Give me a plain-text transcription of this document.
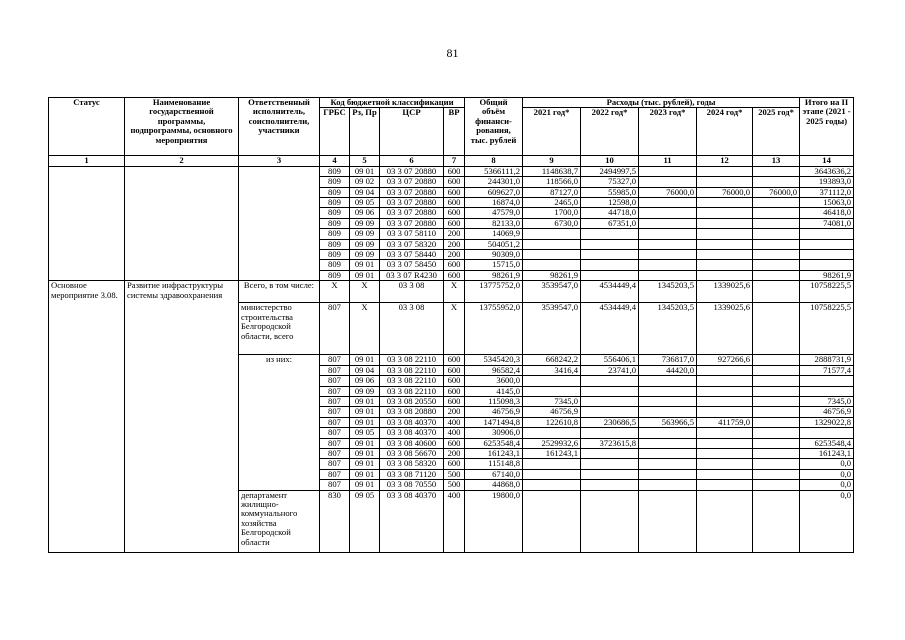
81
Статус	Наименование государственной программы, подпрограммы, основного мероприятия	Ответственный исполнитель, соисполнители, участники	Код бюджетной классификации				Общий объём финанси-рования, тыс. рублей	Расходы (тыс. рублей), годы					Итого на II этапе (2021 - 2025 годы)
			ГРБС	Рз, Пр	ЦСР	ВР		2021 год*	2022 год*	2023 год*	2024 год*	2025 год*	
1	2	3	4	5	6	7	8	9	10	11	12	13	14
			809	09 01	03 3 07 20880	600	5366111,2	1148638,7	2494997,5				3643636,2
			809	09 02	03 3 07 20880	600	244301,0	118566,0	75327,0				193893,0
			809	09 04	03 3 07 20880	600	609627,0	87127,0	55985,0	76000,0	76000,0	76000,0	371112,0
			809	09 05	03 3 07 20880	600	16874,0	2465,0	12598,0				15063,0
			809	09 06	03 3 07 20880	600	47579,0	1700,0	44718,0				46418,0
			809	09 09	03 3 07 20880	600	82133,0	6730,0	67351,0				74081,0
			809	09 09	03 3 07 58110	200	14069,9						
			809	09 09	03 3 07 58320	200	504051,2						
			809	09 09	03 3 07 58440	200	90309,0						
			809	09 01	03 3 07 58450	600	15715,0						
			809	09 01	03 3 07 R4230	600	98261,9	98261,9					98261,9
Основное мероприятие 3.08.	Развитие инфраструктуры системы здравоохранения	Всего, в том числе:	X	X	03 3 08	X	13775752,0	3539547,0	4534449,4	1345203,5	1339025,6		10758225,5
		министерство строительства Белгородской области, всего	807	X	03 3 08	X	13755952,0	3539547,0	4534449,4	1345203,5	1339025,6		10758225,5
		из них:	807	09 01	03 3 08 22110	600	5345420,3	668242,2	556406,1	736817,0	927266,6		2888731,9
			807	09 04	03 3 08 22110	600	96582,4	3416,4	23741,0	44420,0			71577,4
			807	09 06	03 3 08 22110	600	3600,0						
			807	09 09	03 3 08 22110	600	4145,0						
			807	09 01	03 3 08 20550	600	115098,3	7345,0					7345,0
			807	09 01	03 3 08 20880	200	46756,9	46756,9					46756,9
			807	09 01	03 3 08 40370	400	1471494,8	122610,8	230686,5	563966,5	411759,0		1329022,8
			807	09 05	03 3 08 40370	400	30906,0						
			807	09 01	03 3 08 40600	600	6253548,4	2529932,6	3723615,8				6253548,4
			807	09 01	03 3 08 56670	200	161243,1	161243,1					161243,1
			807	09 01	03 3 08 58320	600	115148,8						0,0
			807	09 01	03 3 08 71120	500	67140,0						0,0
			807	09 01	03 3 08 70550	500	44868,0						0,0
		департамент жилищно-коммунального хозяйства Белгородской области	830	09 05	03 3 08 40370	400	19800,0						0,0
